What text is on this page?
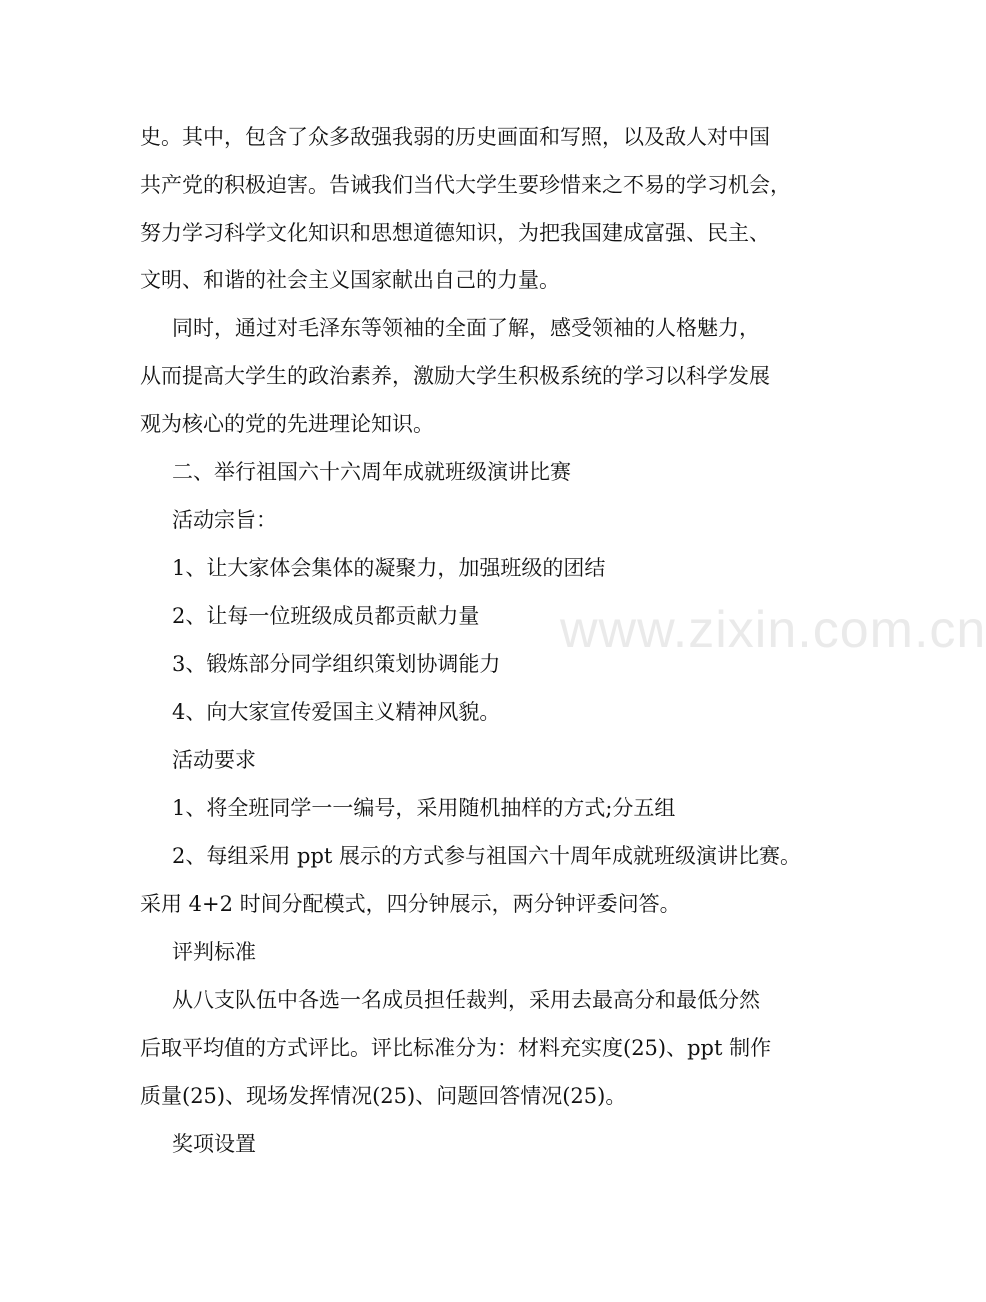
www.zixin.com.cn
史。其中，包含了众多敌强我弱的历史画面和写照，以及敌人对中国
共产党的积极迫害。告诫我们当代大学生要珍惜来之不易的学习机会，
努力学习科学文化知识和思想道德知识，为把我国建成富强、民主、
文明、和谐的社会主义国家献出自己的力量。
同时，通过对毛泽东等领袖的全面了解，感受领袖的人格魅力，
从而提高大学生的政治素养，激励大学生积极系统的学习以科学发展
观为核心的党的先进理论知识。
二、举行祖国六十六周年成就班级演讲比赛
活动宗旨：
1、让大家体会集体的凝聚力，加强班级的团结
2、让每一位班级成员都贡献力量
3、锻炼部分同学组织策划协调能力
4、向大家宣传爱国主义精神风貌。
活动要求
1、将全班同学一一编号，采用随机抽样的方式;分五组
2、每组采用 ppt 展示的方式参与祖国六十周年成就班级演讲比赛。
采用 4+2 时间分配模式，四分钟展示，两分钟评委问答。
评判标准
从八支队伍中各选一名成员担任裁判，采用去最高分和最低分然
后取平均值的方式评比。评比标准分为：材料充实度(25)、ppt 制作
质量(25)、现场发挥情况(25)、问题回答情况(25)。
奖项设置
